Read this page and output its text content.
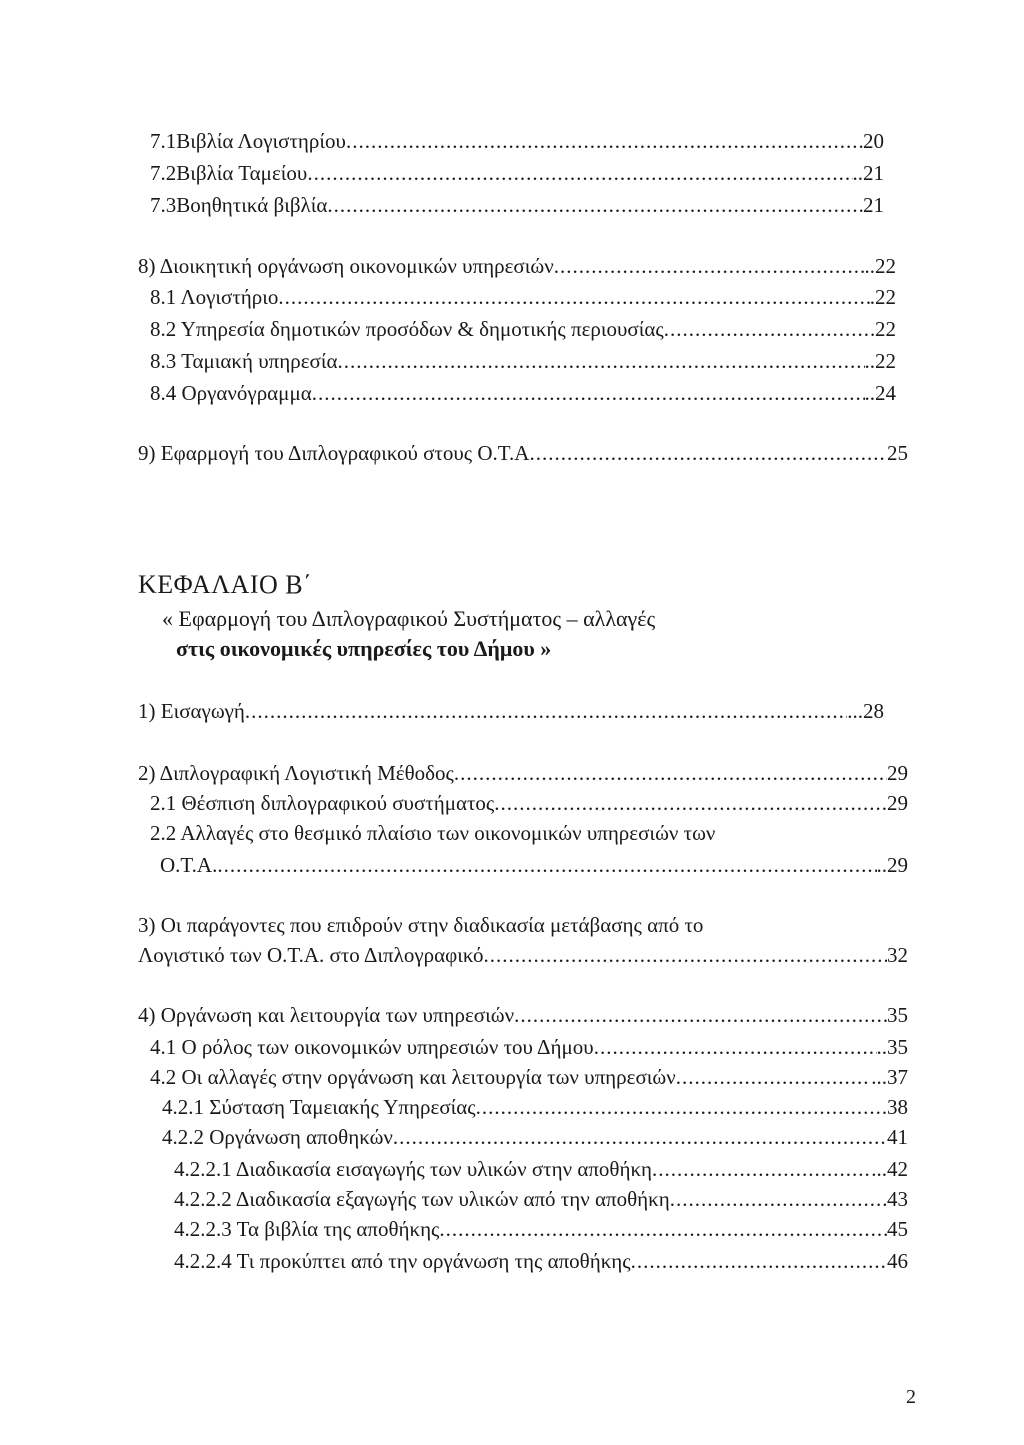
7.1Βιβλία Λογιστηρίου .....	20
7.2Βιβλία Ταμείου .....	..21
7.3Βοηθητικά βιβλία .....	21
8) Διοικητική οργάνωση οικονομικών υπηρεσιών .....	..22
8.1 Λογιστήριο .....	.22
8.2 Υπηρεσία δημοτικών προσόδων & δημοτικής περιουσίας .....	22
8.3 Ταμιακή υπηρεσία .....	..22
8.4 Οργανόγραμμα .....	..24
9) Εφαρμογή του Διπλογραφικού στους Ο.Τ.Α .....	25
ΚΕΦΑΛΑΙΟ Β΄
« Εφαρμογή του Διπλογραφικού Συστήματος – αλλαγές
στις οικονομικές υπηρεσίες του Δήμου »
1) Εισαγωγή .....	...28
2) Διπλογραφική Λογιστική Μέθοδος .....	29
2.1 Θέσπιση διπλογραφικού συστήματος .....	29
2.2 Αλλαγές στο θεσμικό πλαίσιο των οικονομικών υπηρεσιών των
Ο.Τ.Α. .....	..29
3) Οι παράγοντες που επιδρούν στην διαδικασία μετάβασης από το
Λογιστικό των Ο.Τ.Α. στο Διπλογραφικό .....	32
4) Οργάνωση και λειτουργία των υπηρεσιών .....	35
4.1 Ο ρόλος των οικονομικών υπηρεσιών του Δήμου .....	..35
4.2 Οι αλλαγές στην οργάνωση και λειτουργία των υπηρεσιών .....	...37
4.2.1 Σύσταση Ταμειακής Υπηρεσίας .....	38
4.2.2 Οργάνωση αποθηκών .....	41
4.2.2.1 Διαδικασία εισαγωγής των υλικών στην αποθήκη .....	...42
4.2.2.2 Διαδικασία εξαγωγής των υλικών από την αποθήκη .....	43
4.2.2.3 Τα βιβλία της αποθήκης .....	45
4.2.2.4 Τι προκύπτει από την οργάνωση της αποθήκης .....	46
2
